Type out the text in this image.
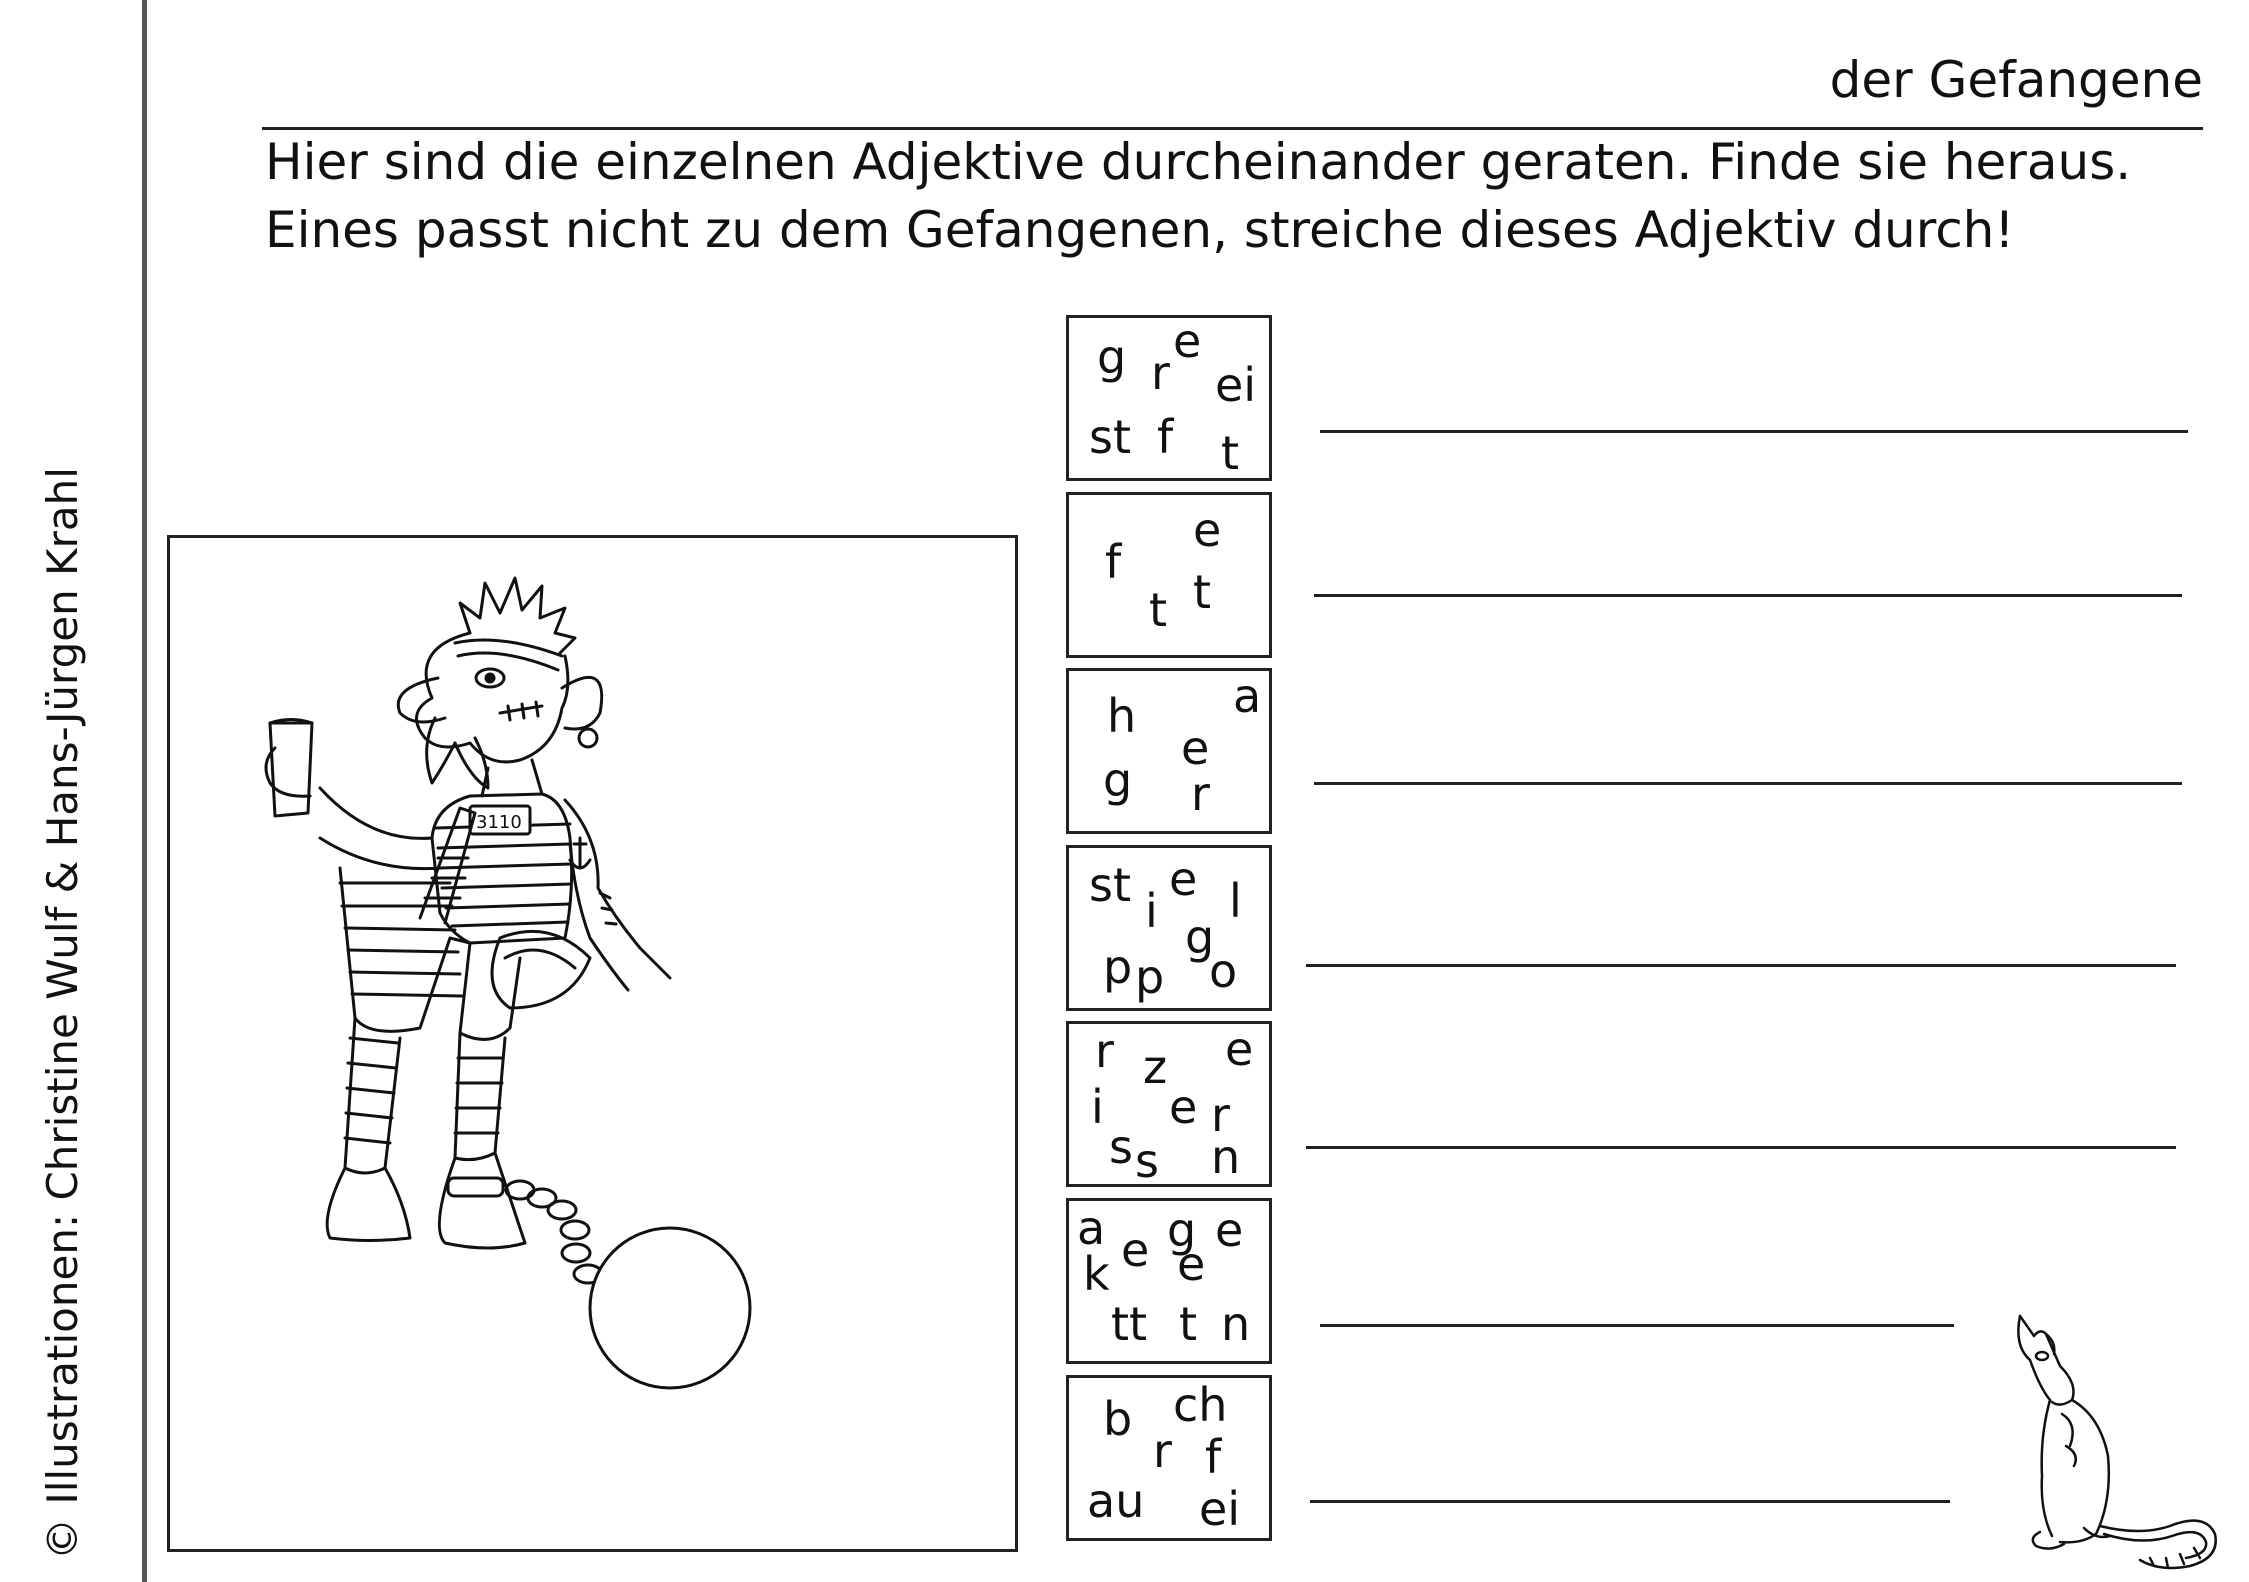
© Illustrationen: Christine Wulf & Hans-Jürgen Krahl
der Gefangene
Hier sind die einzelnen Adjektive durcheinander geraten. Finde sie heraus.
Eines passt nicht zu dem Gefangenen, streiche dieses Adjektiv durch!
3110
g e
r ei
st f t
e
f
t t
a
h
e
g r
st e
i l
g
p p o
r e
z
i e r
s s n
a g e
e
k e
tt t n
ch
b
r f
au ei
